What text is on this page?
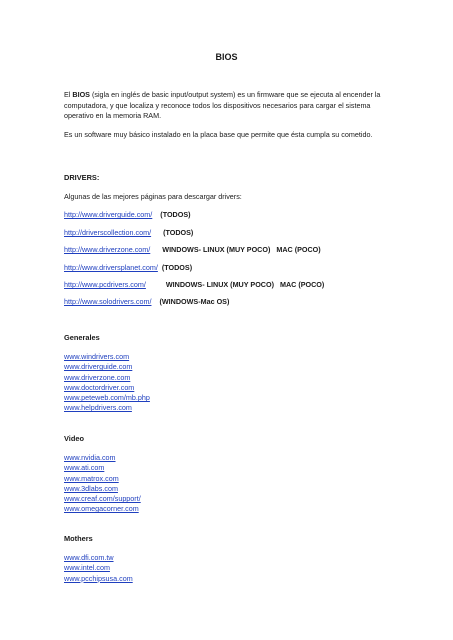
BIOS

El BIOS (sigla en inglés de basic input/output system) es un firmware que se ejecuta al encender la computadora, y que localiza y reconoce todos los dispositivos necesarios para cargar el sistema operativo en la memoria RAM.

Es un software muy básico instalado en la placa base que permite que ésta cumpla su cometido.

DRIVERS:
Algunas de las mejores páginas para descargar drivers:
http://www.driverguide.com/ (TODOS)
http://driverscollection.com/ (TODOS)
http://www.driverzone.com/ WINDOWS- LINUX (MUY POCO)   MAC (POCO)
http://www.driversplanet.com/ (TODOS)
http://www.pcdrivers.com/	WINDOWS- LINUX (MUY POCO)   MAC (POCO)
http://www.solodrivers.com/ (WINDOWS-Mac OS)
Generales
www.windrivers.com
www.driverguide.com
www.driverzone.com
www.doctordriver.com
www.peteweb.com/mb.php
www.helpdrivers.com
Video
www.nvidia.com
www.ati.com
www.matrox.com
www.3dlabs.com
www.creaf.com/support/
www.omegacorner.com
Mothers
www.dfi.com.tw
www.intel.com
www.pcchipsusa.com
